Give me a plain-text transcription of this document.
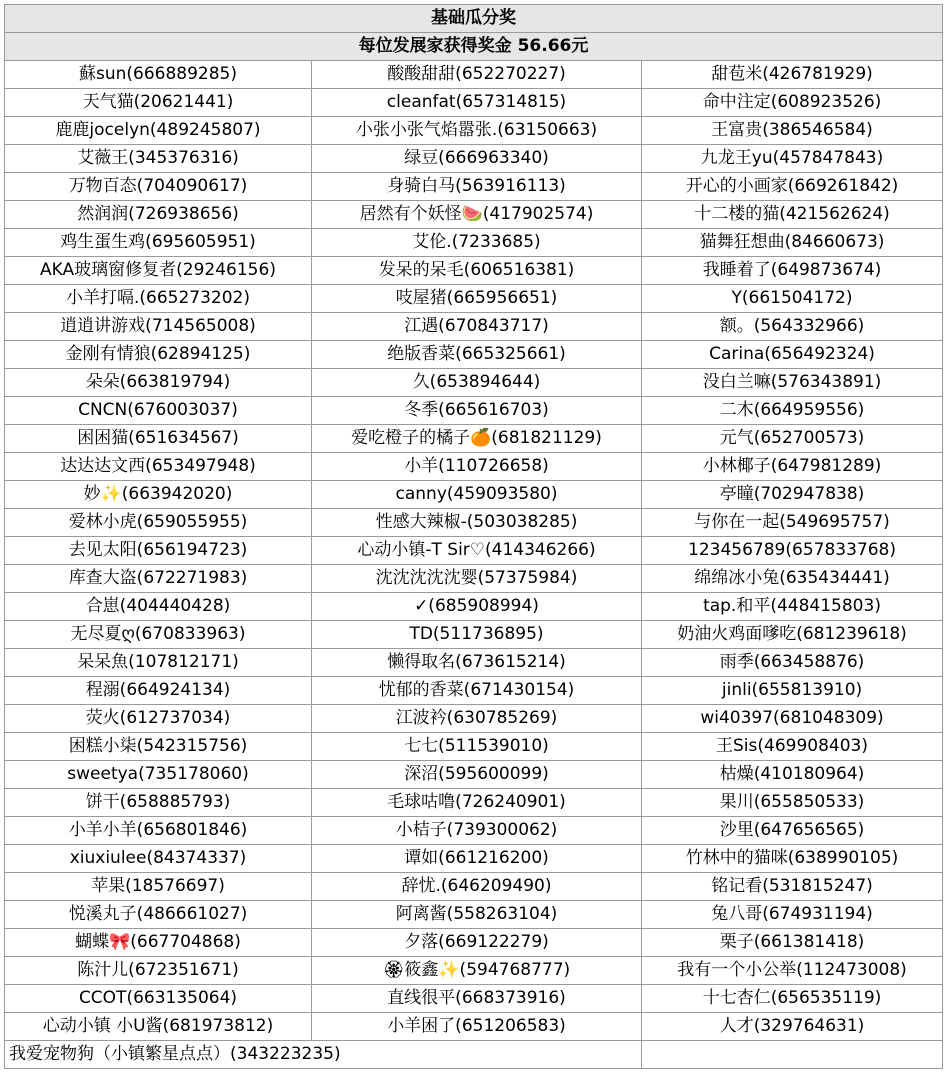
基础瓜分奖		
每位发展家获得奖金 56.66元		
蘇sun(666889285)	酸酸甜甜(652270227)	甜苞米(426781929)
天气猫(20621441)	cleanfat(657314815)	命中注定(608923526)
鹿鹿jocelyn(489245807)	小张小张气焰嚣张.(63150663)	王富贵(386546584)
艾薇王(345376316)	绿豆(666963340)	九龙王yu(457847843)
万物百态(704090617)	身骑白马(563916113)	开心的小画家(669261842)
然润润(726938656)	居然有个妖怪🍉(417902574)	十二楼的猫(421562624)
鸡生蛋生鸡(695605951)	艾伦.(7233685)	猫舞狂想曲(84660673)
AKA玻璃窗修复者(29246156)	发呆的呆毛(606516381)	我睡着了(649873674)
小羊打嗝.(665273202)	吱屋猪(665956651)	Y(661504172)
逍逍讲游戏(714565008)	江遇(670843717)	额。(564332966)
金刚有情狼(62894125)	绝版香菜(665325661)	Carina(656492324)
朵朵(663819794)	久(653894644)	没白兰嘛(576343891)
CNCN(676003037)	冬季(665616703)	二木(664959556)
困困猫(651634567)	爱吃橙子的橘子🍊(681821129)	元气(652700573)
达达达文西(653497948)	小羊(110726658)	小林椰子(647981289)
妙✨(663942020)	canny(459093580)	亭瞳(702947838)
爱林小虎(659055955)	性感大辣椒-(503038285)	与你在一起(549695757)
去见太阳(656194723)	心动小镇-T Sir♡(414346266)	123456789(657833768)
库查大盗(672271983)	沈沈沈沈沈婴(57375984)	绵绵冰小兔(635434441)
合崽(404440428)	✓(685908994)	tap.和平(448415803)
无尽夏ღ(670833963)	TD(511736895)	奶油火鸡面嗲吃(681239618)
呆呆魚(107812171)	懒得取名(673615214)	雨季(663458876)
程溺(664924134)	忧郁的香菜(671430154)	jinli(655813910)
荧火(612737034)	江波衿(630785269)	wi40397(681048309)
困糕小柒(542315756)	七七(511539010)	王Sis(469908403)
sweetya(735178060)	深沼(595600099)	枯燥(410180964)
饼干(658885793)	毛球咕噜(726240901)	果川(655850533)
小羊小羊(656801846)	小桔子(739300062)	沙里(647656565)
xiuxiulee(84374337)	谭如(661216200)	竹林中的猫咪(638990105)
苹果(18576697)	辞忧.(646209490)	铭记看(531815247)
悦溪丸子(486661027)	阿离酱(558263104)	兔八哥(674931194)
蝴蝶🎀(667704868)	夕落(669122279)	栗子(661381418)
陈汁儿(672351671)	🏵筱鑫✨(594768777)	我有一个小公举(112473008)
CCOT(663135064)	直线很平(668373916)	十七杏仁(656535119)
心动小镇 小U酱(681973812)	小羊困了(651206583)	人才(329764631)
我爱宠物狗（小镇繁星点点）(343223235)		
